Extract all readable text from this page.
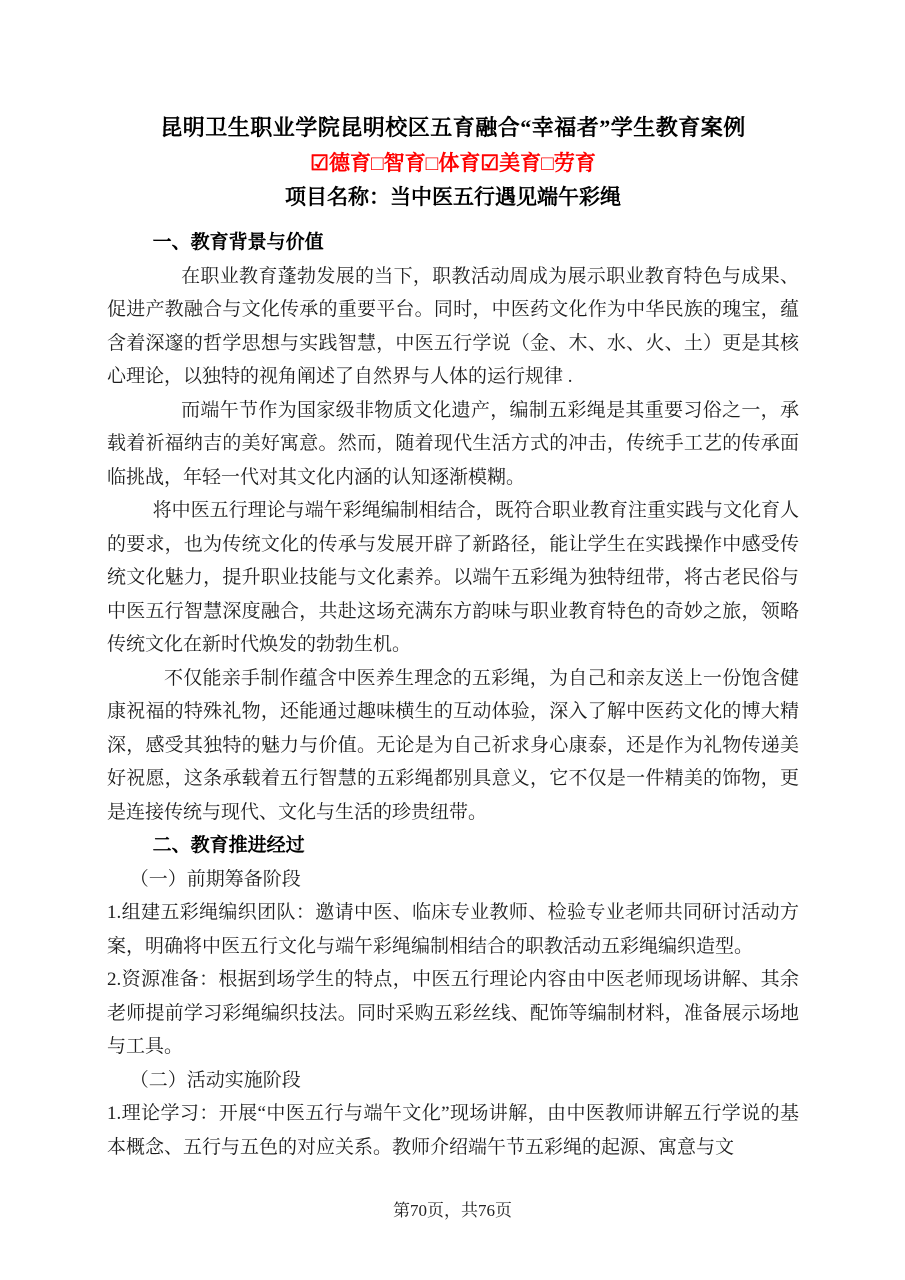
昆明卫生职业学院昆明校区五育融合“幸福者”学生教育案例
☑德育□智育□体育☑美育□劳育
项目名称：当中医五行遇见端午彩绳
一、教育背景与价值

在职业教育蓬勃发展的当下，职教活动周成为展示职业教育特色与成果、促进产教融合与文化传承的重要平台。同时，中医药文化作为中华民族的瑰宝，蕴含着深邃的哲学思想与实践智慧，中医五行学说（金、木、水、火、土）更是其核心理论，以独特的视角阐述了自然界与人体的运行规律 .

而端午节作为国家级非物质文化遗产，编制五彩绳是其重要习俗之一，承载着祈福纳吉的美好寓意。然而，随着现代生活方式的冲击，传统手工艺的传承面临挑战，年轻一代对其文化内涵的认知逐渐模糊。

将中医五行理论与端午彩绳编制相结合，既符合职业教育注重实践与文化育人的要求，也为传统文化的传承与发展开辟了新路径，能让学生在实践操作中感受传统文化魅力，提升职业技能与文化素养。以端午五彩绳为独特纽带，将古老民俗与中医五行智慧深度融合，共赴这场充满东方韵味与职业教育特色的奇妙之旅，领略传统文化在新时代焕发的勃勃生机。

不仅能亲手制作蕴含中医养生理念的五彩绳，为自己和亲友送上一份饱含健康祝福的特殊礼物，还能通过趣味横生的互动体验，深入了解中医药文化的博大精深，感受其独特的魅力与价值。无论是为自己祈求身心康泰，还是作为礼物传递美好祝愿，这条承载着五行智慧的五彩绳都别具意义，它不仅是一件精美的饰物，更是连接传统与现代、文化与生活的珍贵纽带。

二、教育推进经过

（一）前期筹备阶段

1.组建五彩绳编织团队：邀请中医、临床专业教师、检验专业老师共同研讨活动方案，明确将中医五行文化与端午彩绳编制相结合的职教活动五彩绳编织造型。

2.资源准备：根据到场学生的特点，中医五行理论内容由中医老师现场讲解、其余老师提前学习彩绳编织技法。同时采购五彩丝线、配饰等编制材料，准备展示场地与工具。

（二）活动实施阶段

1.理论学习：开展“中医五行与端午文化”现场讲解，由中医教师讲解五行学说的基本概念、五行与五色的对应关系。教师介绍端午节五彩绳的起源、寓意与文

第70页，共76页
